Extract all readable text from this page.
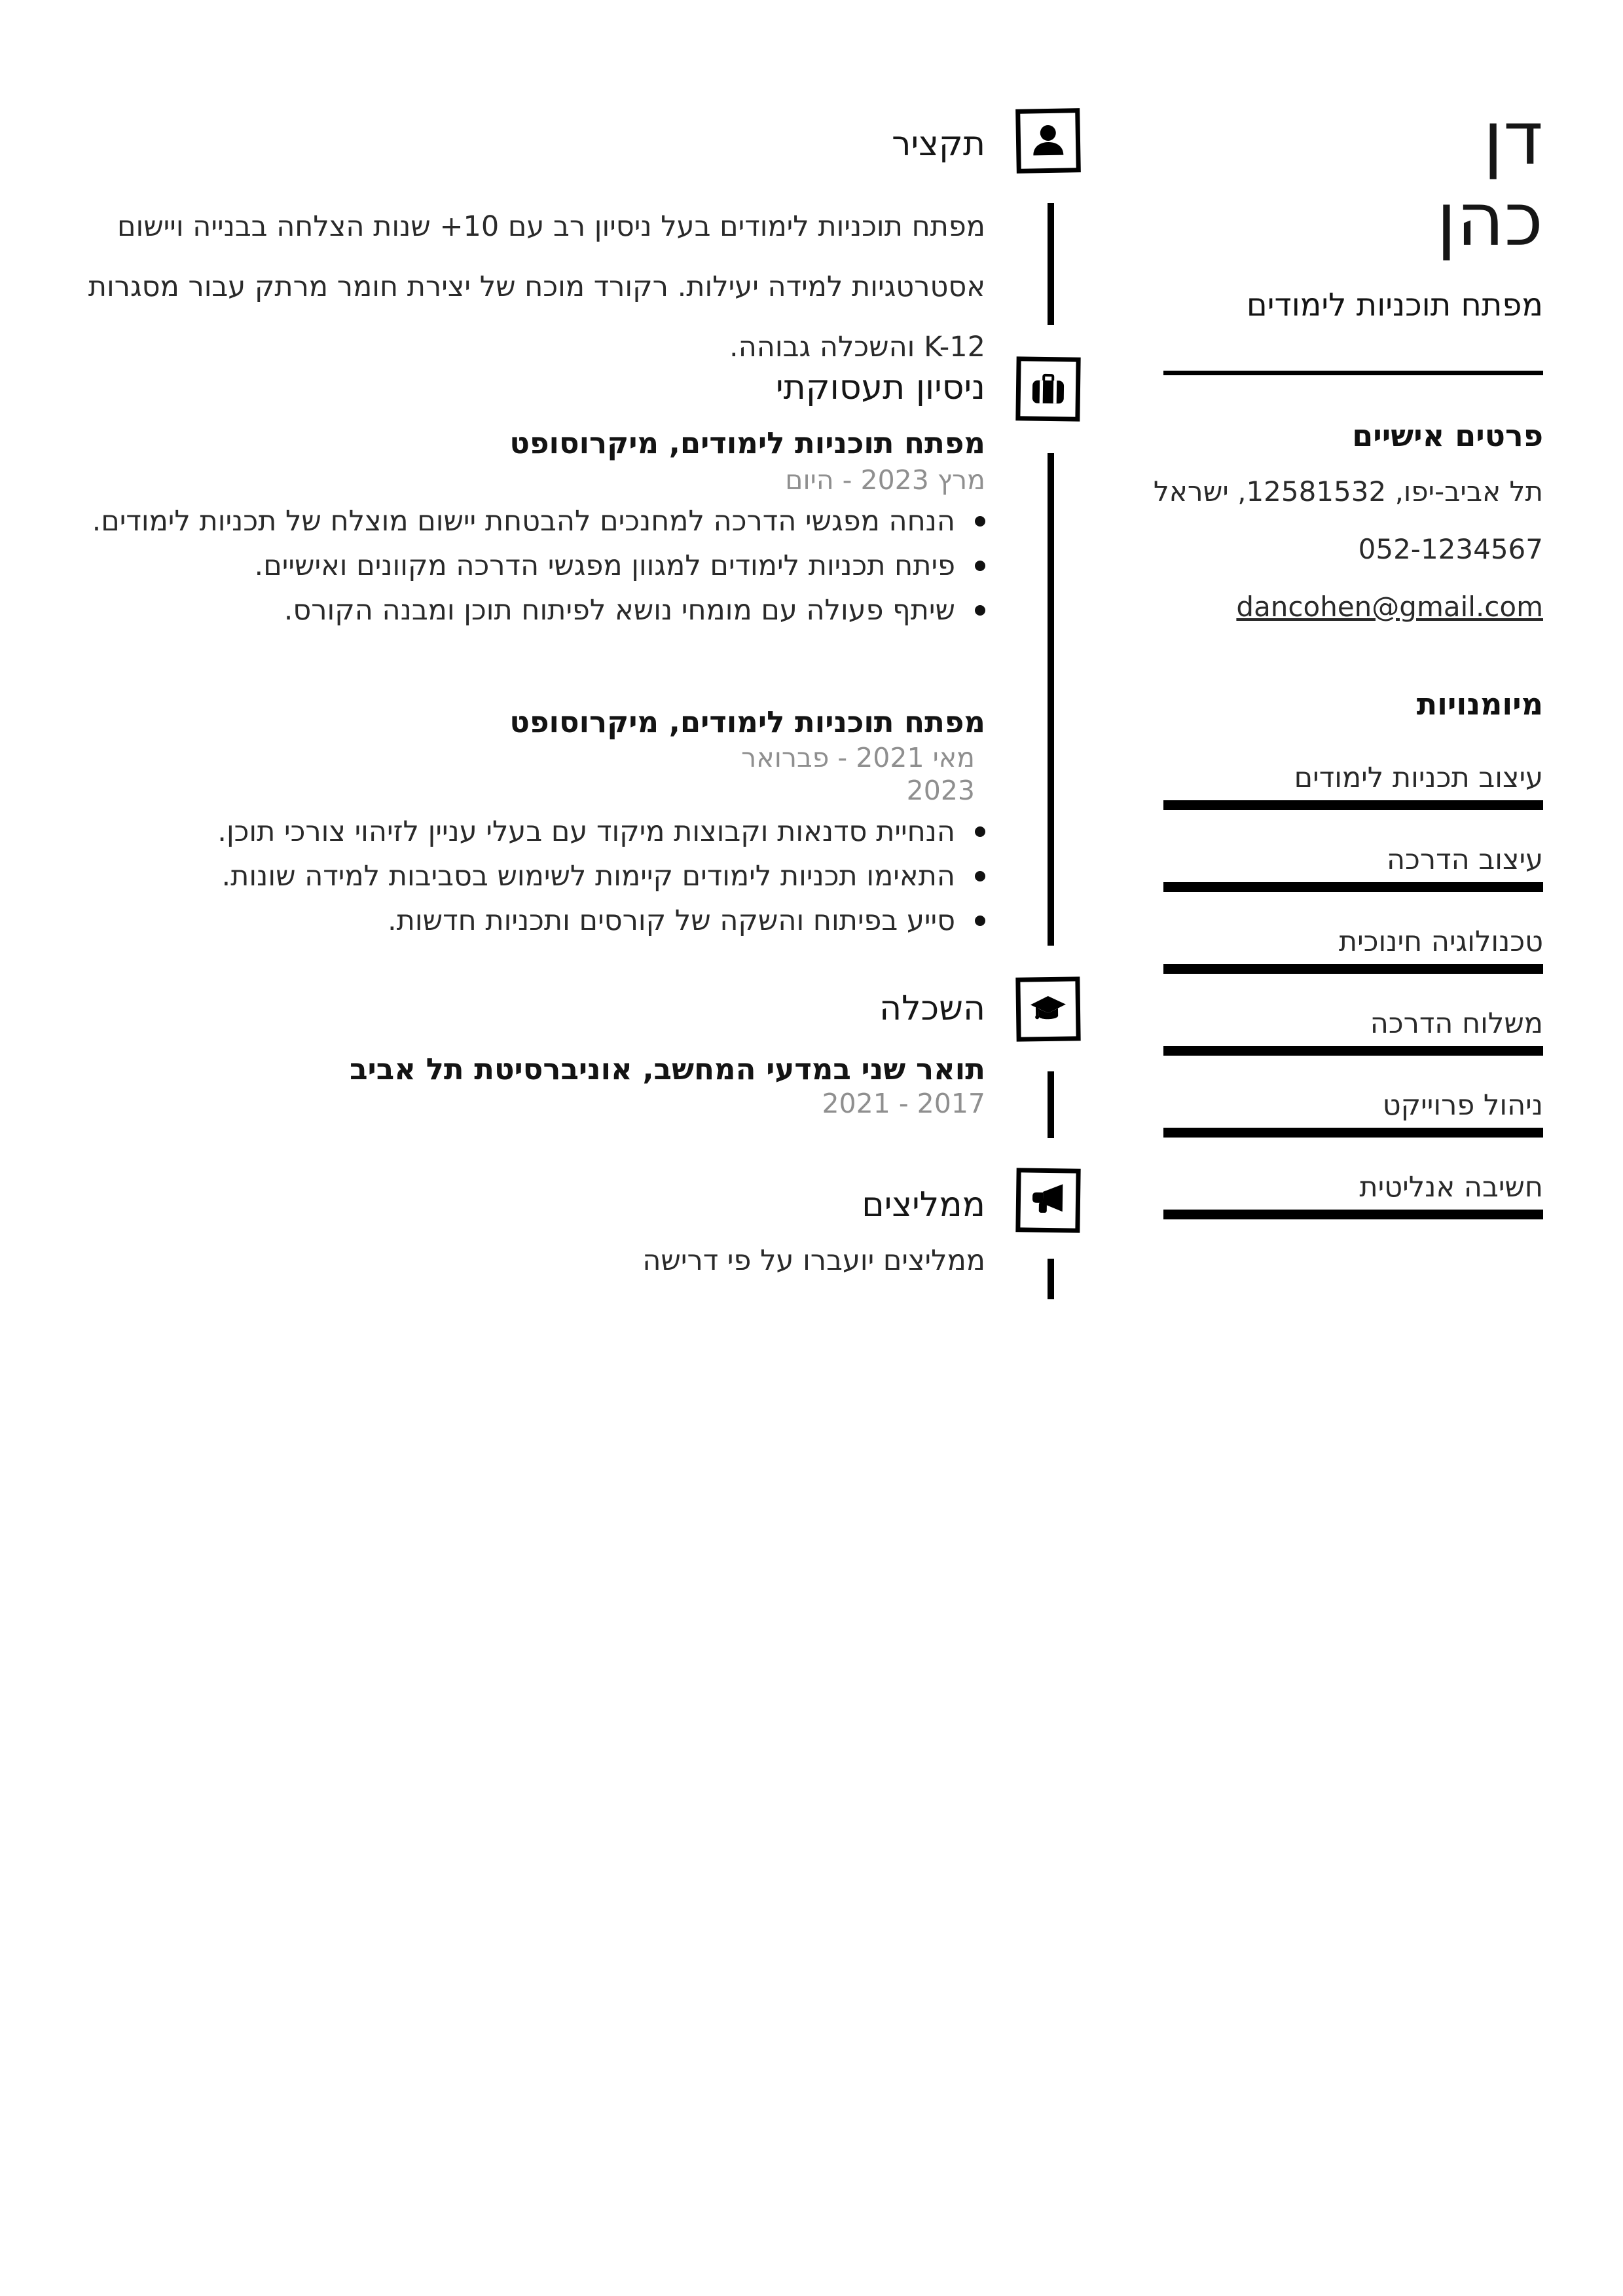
דן
כהן
מפתח תוכניות לימודים
פרטים אישיים
תל אביב-יפו, 12581532, ישראל
052-1234567
dancohen@gmail.com
מיומנויות
עיצוב תכניות לימודים
עיצוב הדרכה
טכנולוגיה חינוכית
משלוח הדרכה
ניהול פרוייקט
חשיבה אנליטית
תקציר
מפתח תוכניות לימודים בעל ניסיון רב עם 10+ שנות הצלחה בבנייה ויישום אסטרטגיות למידה יעילות. רקורד מוכח של יצירת חומר מרתק עבור מסגרות K-12 והשכלה גבוהה.
ניסיון תעסוקתי
מפתח תוכניות לימודים, מיקרוסופט
מרץ 2023 - היום
הנחה מפגשי הדרכה למחנכים להבטחת יישום מוצלח של תכניות לימודים.
פיתח תכניות לימודים למגוון מפגשי הדרכה מקוונים ואישיים.
שיתף פעולה עם מומחי נושא לפיתוח תוכן ומבנה הקורס.
מפתח תוכניות לימודים, מיקרוסופט
מאי 2021 - פברואר 2023
הנחיית סדנאות וקבוצות מיקוד עם בעלי עניין לזיהוי צורכי תוכן.
התאימו תכניות לימודים קיימות לשימוש בסביבות למידה שונות.
סייע בפיתוח והשקה של קורסים ותכניות חדשות.
השכלה
תואר שני במדעי המחשב, אוניברסיטת תל אביב
2017 - 2021
ממליצים
ממליצים יועברו על פי דרישה
